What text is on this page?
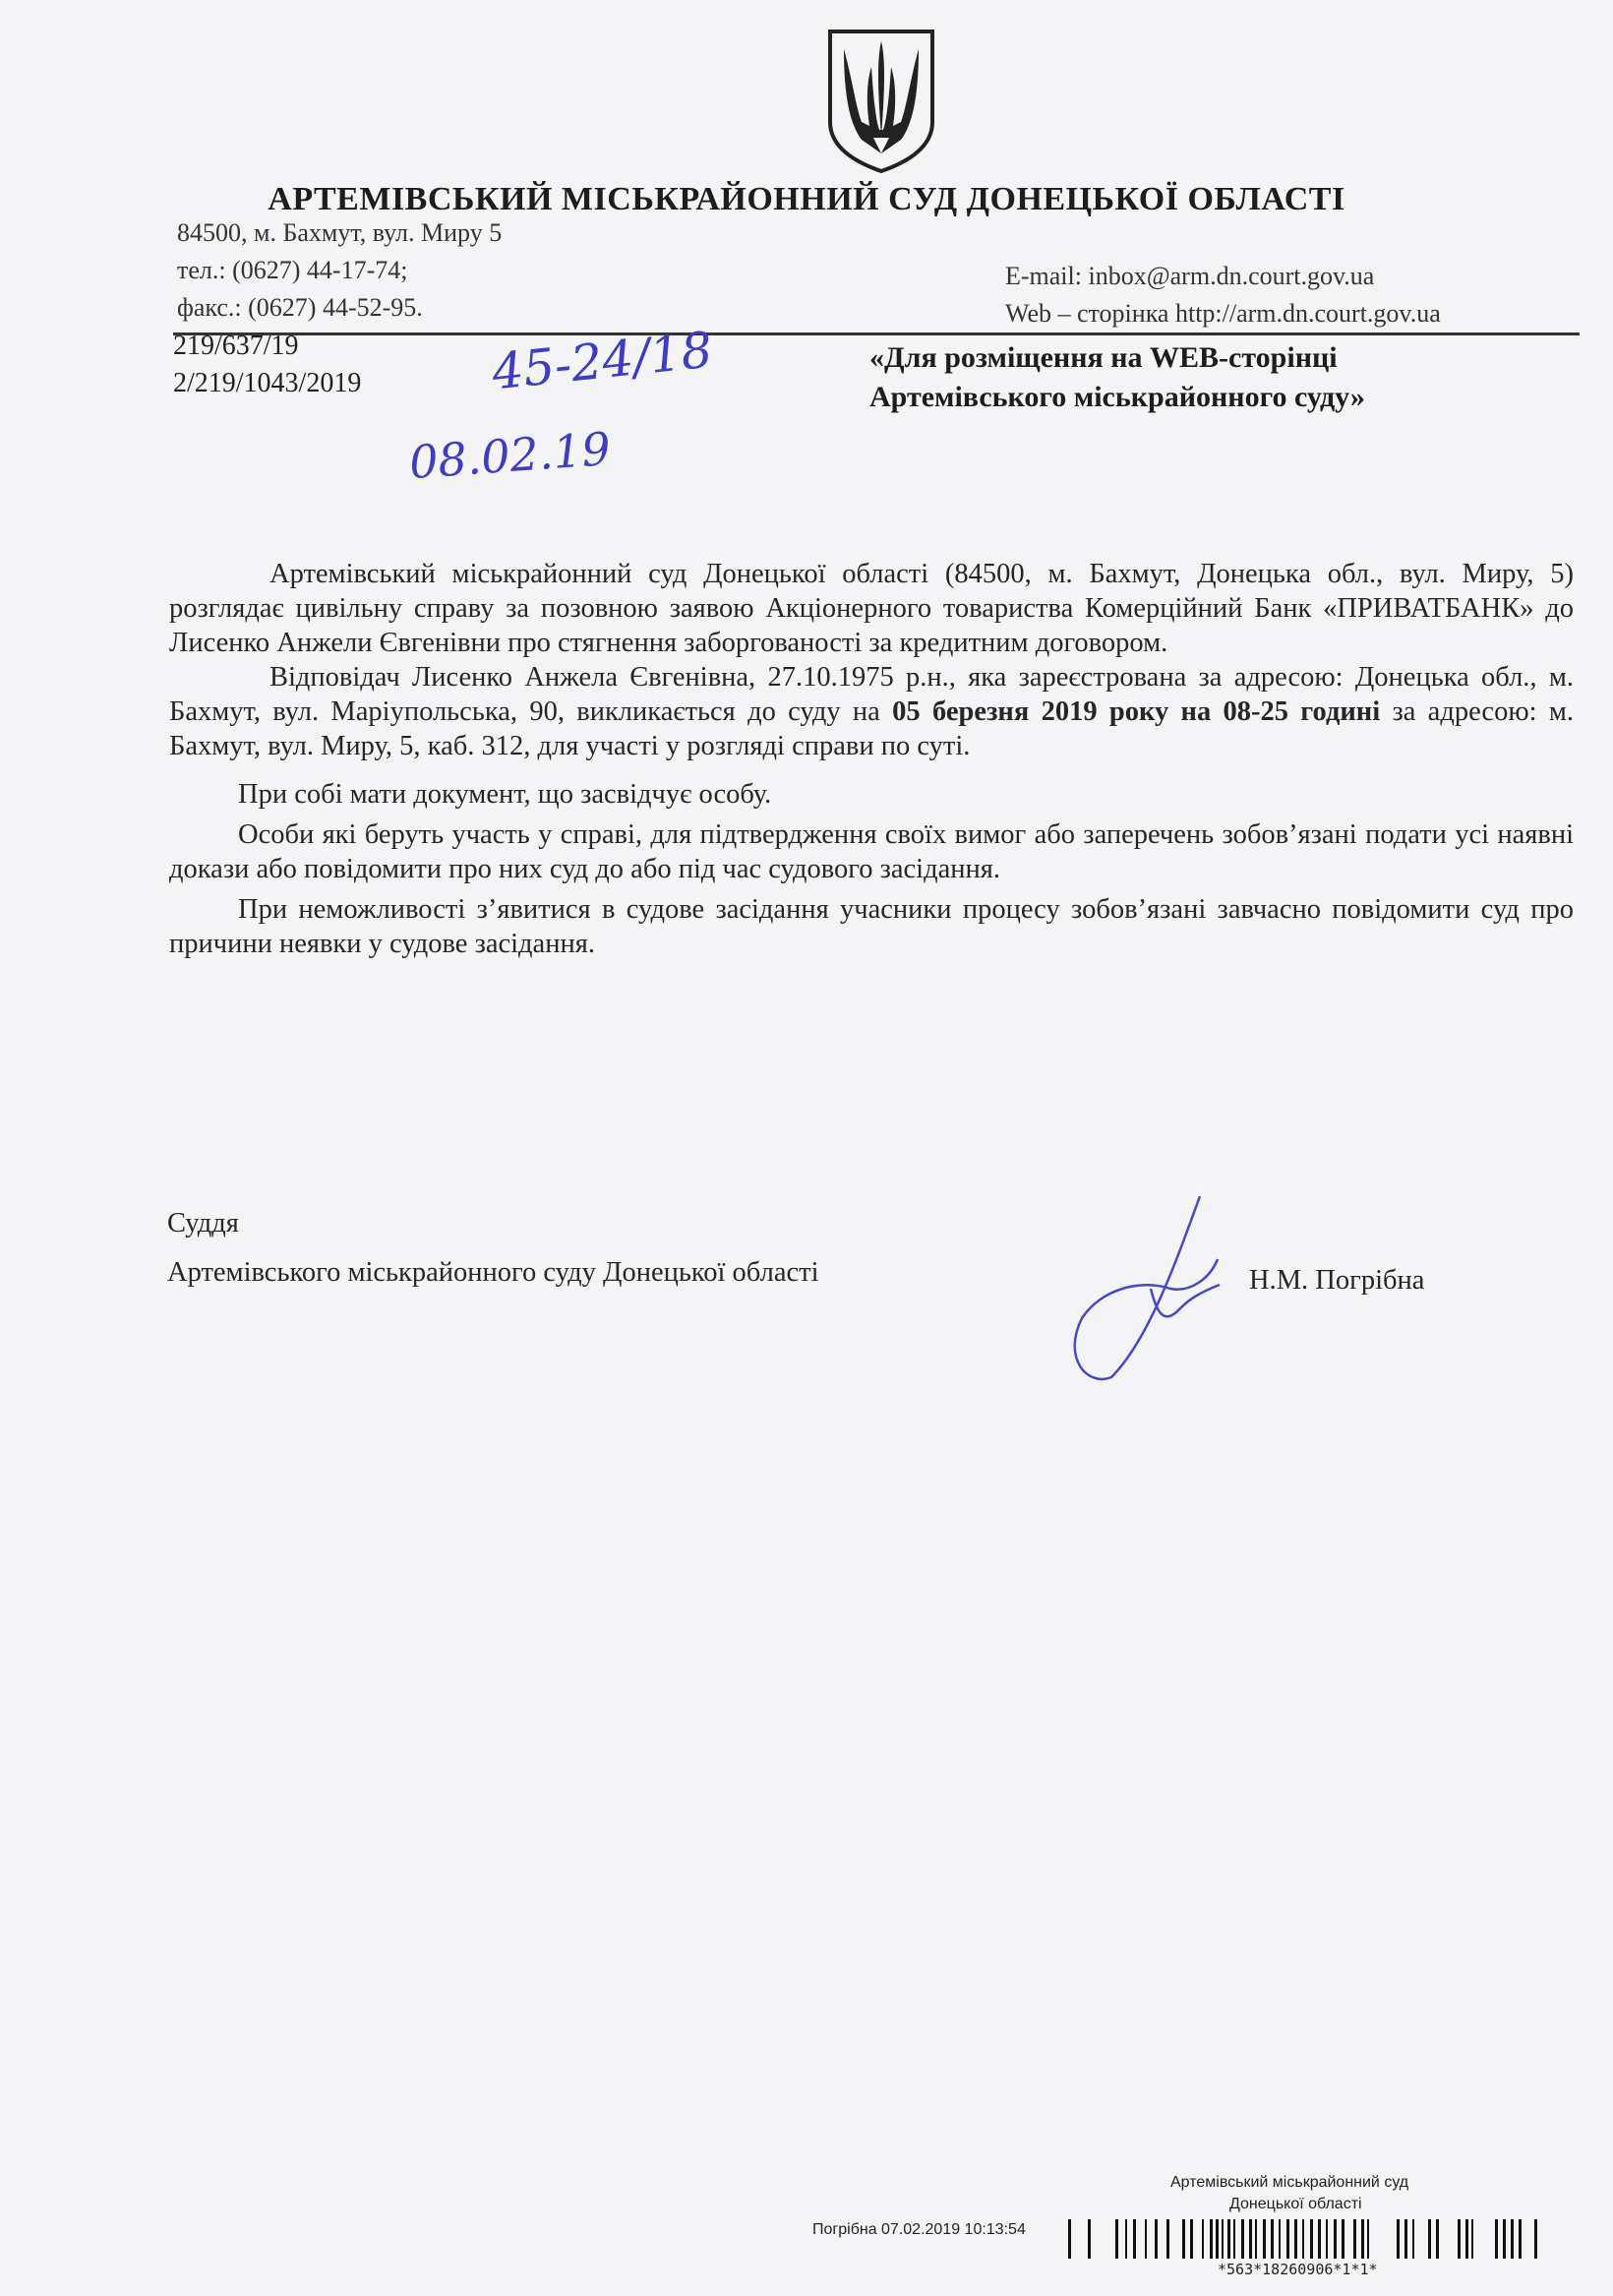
АРТЕМІВСЬКИЙ МІСЬКРАЙОННИЙ СУД ДОНЕЦЬКОЇ ОБЛАСТІ
84500, м. Бахмут, вул. Миру 5
тел.: (0627) 44-17-74;
факс.: (0627) 44-52-95.
E-mail: inbox@arm.dn.court.gov.ua
Web – сторінка http://arm.dn.court.gov.ua
219/637/19
2/219/1043/2019	45-24/18
08.02.19
«Для розміщення на WEB-сторінці
Артемівського міськрайонного суду»

Артемівський міськрайонний суд Донецької області (84500, м. Бахмут, Донецька обл., вул. Миру, 5) розглядає цивільну справу за позовною заявою Акціонерного товариства Комерційний Банк «ПРИВАТБАНК» до Лисенко Анжели Євгенівни про стягнення заборгованості за кредитним договором.

Відповідач Лисенко Анжела Євгенівна, 27.10.1975 р.н., яка зареєстрована за адресою: Донецька обл., м. Бахмут, вул. Маріупольська, 90, викликається до суду на 05 березня 2019 року на 08-25 годині за адресою: м. Бахмут, вул. Миру, 5, каб. 312, для участі у розгляді справи по суті.

При собі мати документ, що засвідчує особу.

Особи які беруть участь у справі, для підтвердження своїх вимог або заперечень зобов’язані подати усі наявні докази або повідомити про них суд до або під час судового засідання.

При неможливості з’явитися в судове засідання учасники процесу зобов’язані завчасно повідомити суд про причини неявки у судове засідання.

Суддя
Артемівського міськрайонного суду Донецької області	Н.М. Погрібна
Артемівський міськрайонний суд
Донецької області
Погрібна 07.02.2019 10:13:54
*563*18260906*1*1*
